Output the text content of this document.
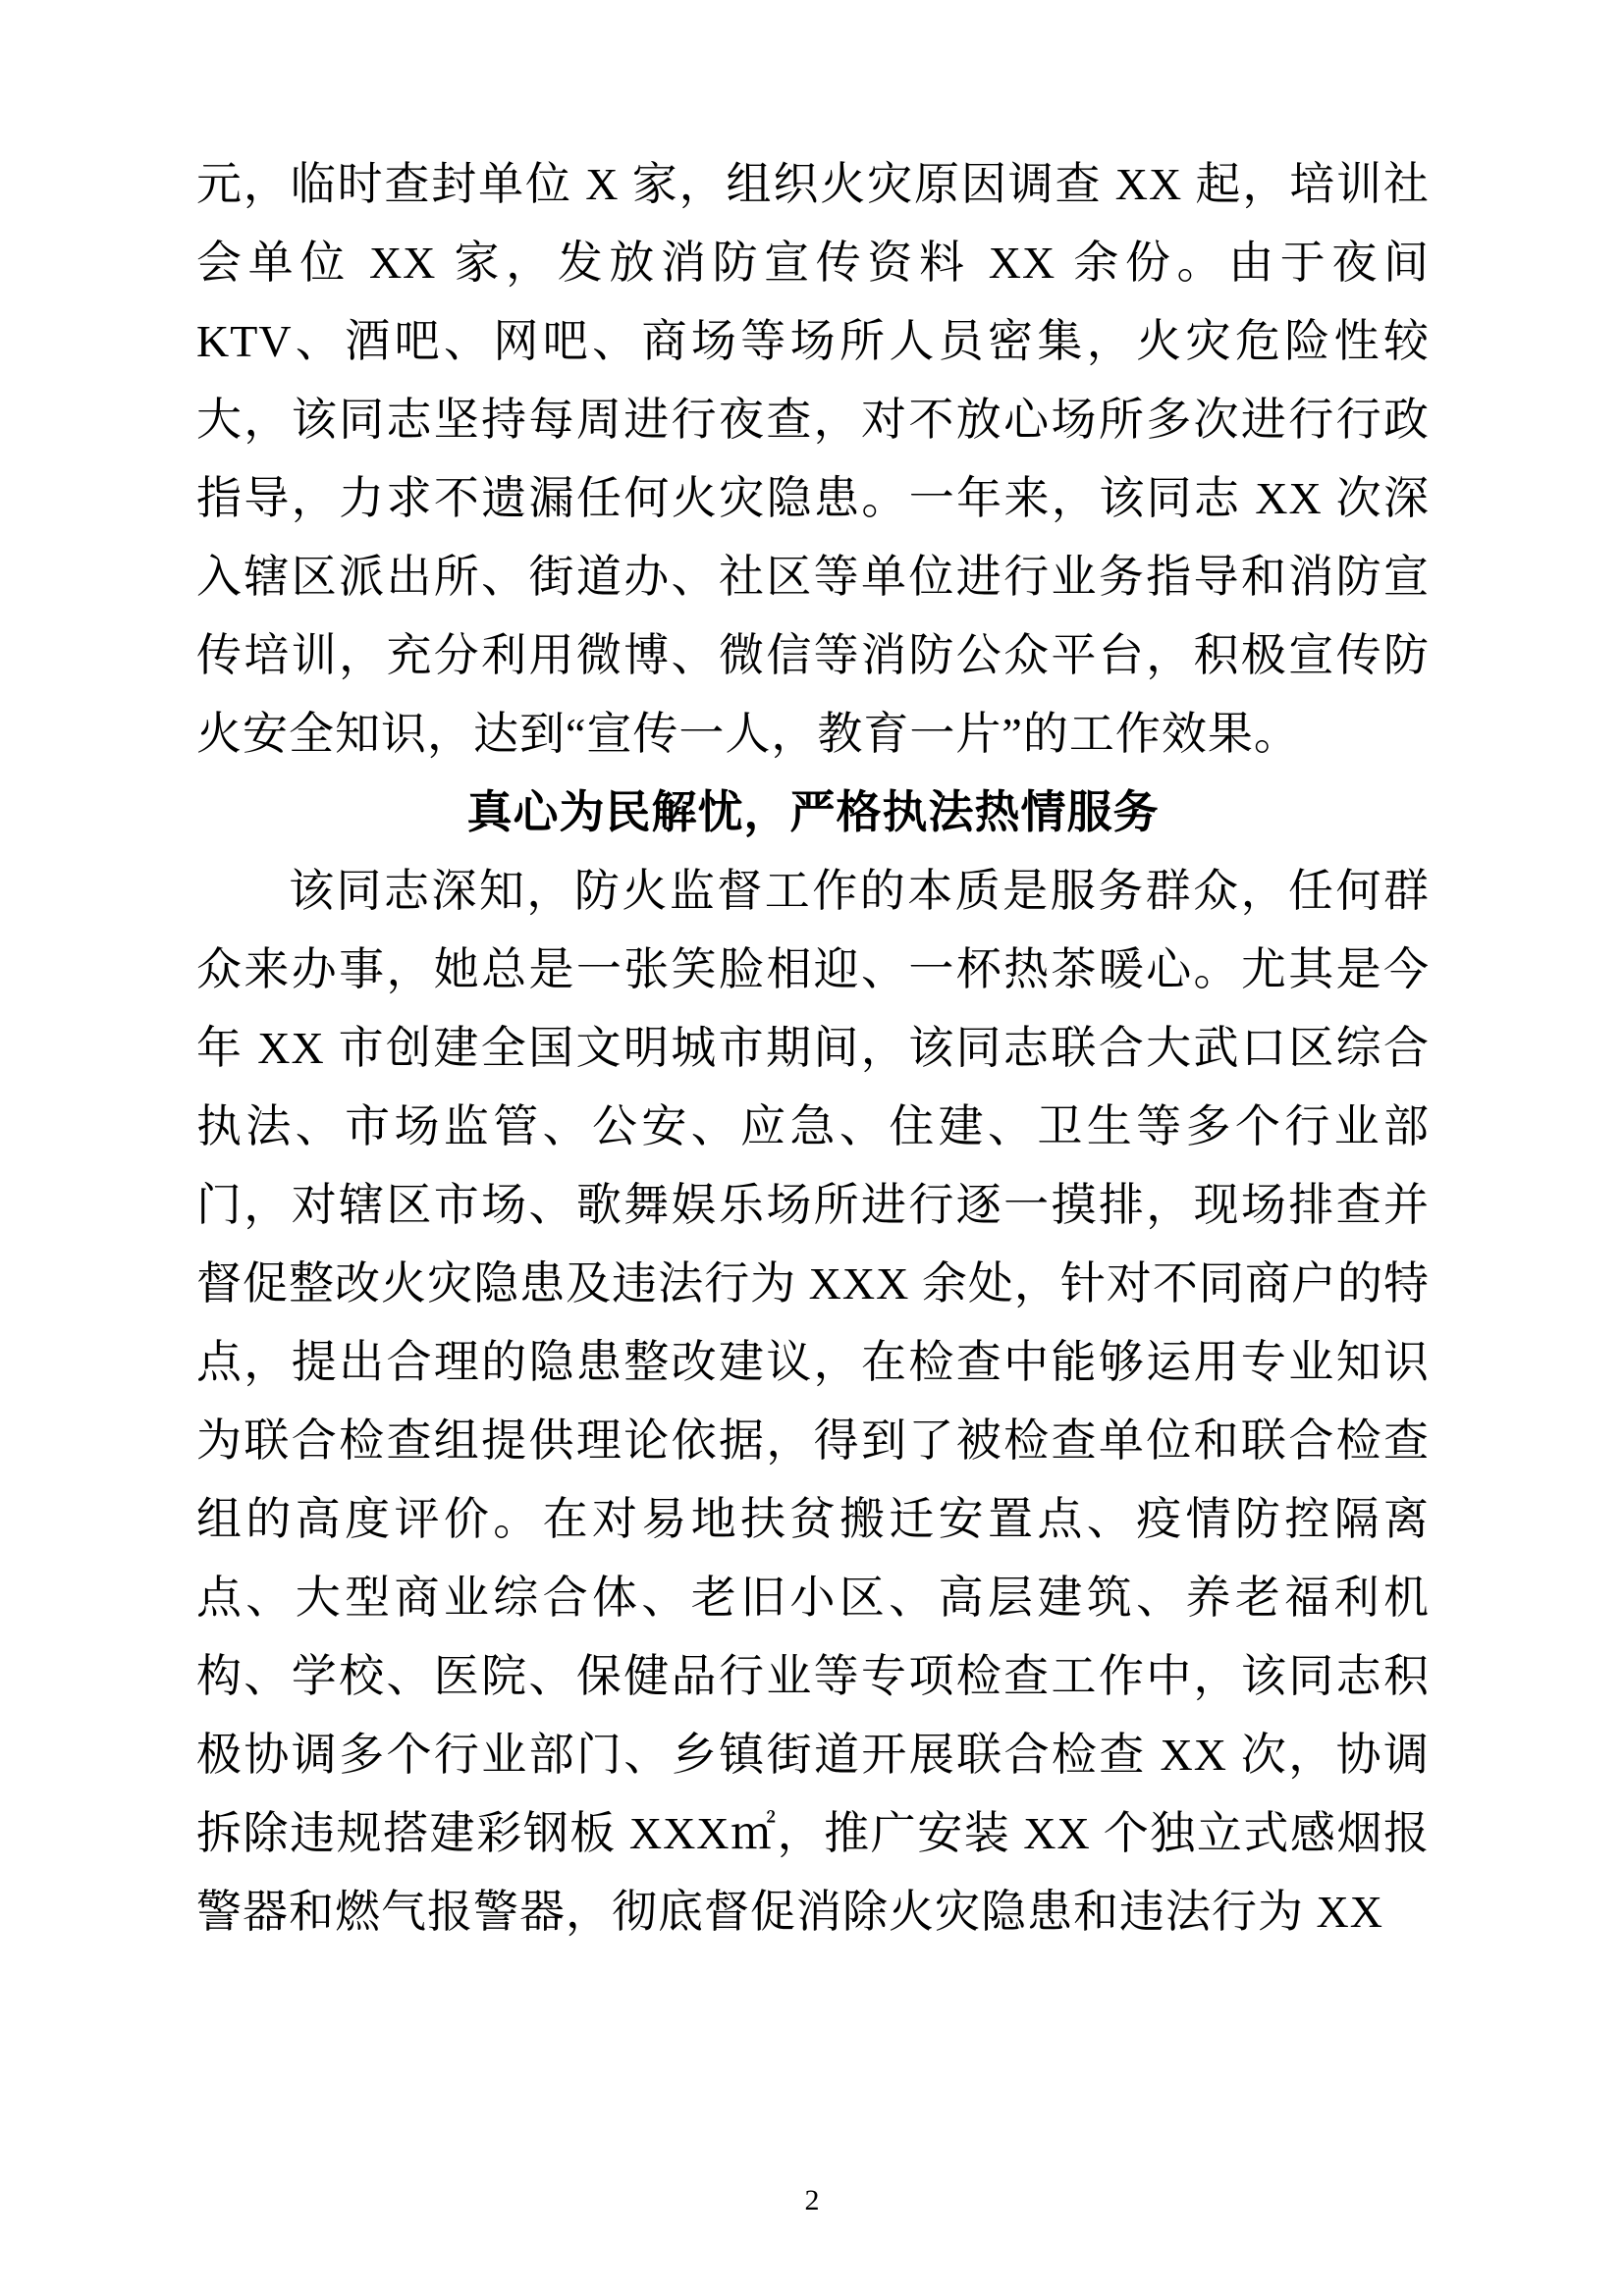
元，临时查封单位 X 家，组织火灾原因调查 XX 起，培训社会单位 XX 家，发放消防宣传资料 XX 余份。由于夜间 KTV、酒吧、网吧、商场等场所人员密集，火灾危险性较大，该同志坚持每周进行夜查，对不放心场所多次进行行政指导，力求不遗漏任何火灾隐患。一年来，该同志 XX 次深入辖区派出所、街道办、社区等单位进行业务指导和消防宣传培训，充分利用微博、微信等消防公众平台，积极宣传防火安全知识，达到“宣传一人，教育一片”的工作效果。

真心为民解忧，严格执法热情服务

该同志深知，防火监督工作的本质是服务群众，任何群众来办事，她总是一张笑脸相迎、一杯热茶暖心。尤其是今年 XX 市创建全国文明城市期间，该同志联合大武口区综合执法、市场监管、公安、应急、住建、卫生等多个行业部门，对辖区市场、歌舞娱乐场所进行逐一摸排，现场排查并督促整改火灾隐患及违法行为 XXX 余处，针对不同商户的特点，提出合理的隐患整改建议，在检查中能够运用专业知识为联合检查组提供理论依据，得到了被检查单位和联合检查组的高度评价。在对易地扶贫搬迁安置点、疫情防控隔离点、大型商业综合体、老旧小区、高层建筑、养老福利机构、学校、医院、保健品行业等专项检查工作中，该同志积极协调多个行业部门、乡镇街道开展联合检查 XX 次，协调拆除违规搭建彩钢板 XXX㎡，推广安装 XX 个独立式感烟报警器和燃气报警器，彻底督促消除火灾隐患和违法行为 XX

2
